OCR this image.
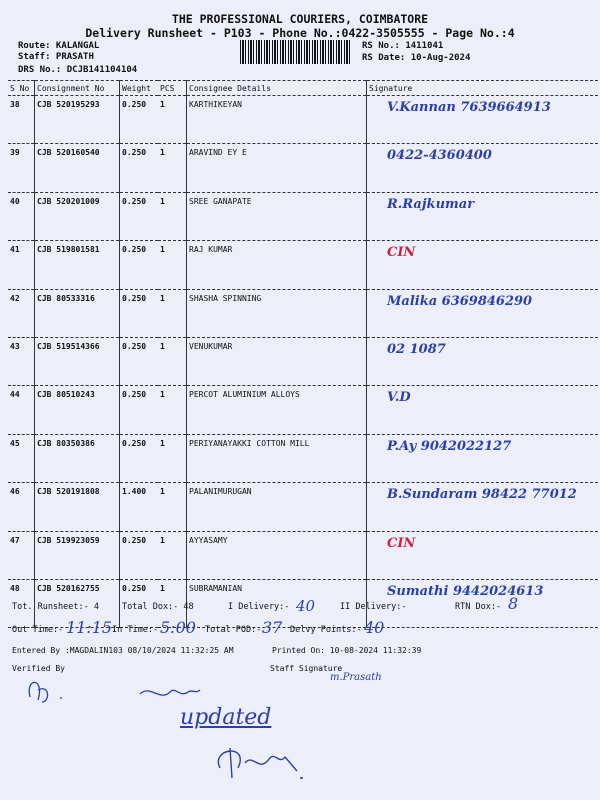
THE PROFESSIONAL COURIERS, COIMBATORE
Delivery Runsheet - P103 - Phone No.:0422-3505555 - Page No.:4
Route: KALANGAL
Staff: PRASATH
DRS No.: DCJB141104104
RS No.: 1411041
RS Date: 10-Aug-2024
S No	Consignment No	Weight	PCS	Consignee Details	Signature
38	CJB 520195293	0.250	1	KARTHIKEYAN	V.Kannan 7639664913
39	CJB 520160540	0.250	1	ARAVIND EY E	0422-4360400
40	CJB 520201009	0.250	1	SREE GANAPATE	R.Rajkumar
41	CJB 519801581	0.250	1	RAJ KUMAR	CIN
42	CJB 80533316	0.250	1	SHASHA SPINNING	Malika 6369846290
43	CJB 519514366	0.250	1	VENUKUMAR	02 1087
44	CJB 80510243	0.250	1	PERCOT ALUMINIUM ALLOYS	V.D
45	CJB 80350386	0.250	1	PERIYANAYAKKI COTTON MILL	P.Ay 9042022127
46	CJB 520191808	1.400	1	PALANIMURUGAN	B.Sundaram 98422 77012
47	CJB 519923059	0.250	1	AYYASAMY	CIN
48	CJB 520162755	0.250	1	SUBRAMANIAN	Sumathi 9442024613
Tot. Runsheet:- 4	Total Dox:- 48	I Delivery:- 40	II Delivery:-	RTN Dox:- 8
Out Time:- 11:15 In Time:- 5:00 Total POD:- 37 Delvy Points:- 40
Entered By :MAGDALIN103 08/10/2024 11:32:25 AM	Printed On: 10-08-2024 11:32:39
Verified By	Staff Signature
m.Prasath
updated
